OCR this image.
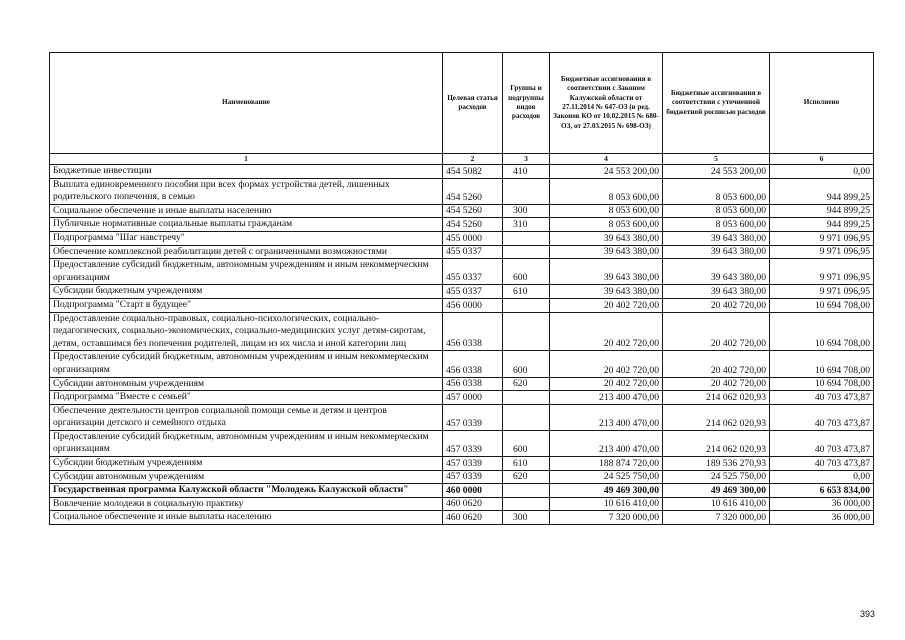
Наименование	Целевая статья расходов	Группы и подгруппы видов расходов	Бюджетные ассигнования в соответствии с Законом Калужской области от 27.11.2014 № 647-ОЗ (в ред. Законов КО от 10.02.2015 № 680-ОЗ, от 27.03.2015 № 698-ОЗ)	Бюджетные ассигнования в соответствии с уточненной бюджетной росписью расходов	Исполнено
1	2	3	4	5	6
Бюджетные инвестиции	454 5082	410	24 553 200,00	24 553 200,00	0,00
Выплата единовременного пособия при всех формах устройства детей, лишенных родительского попечения, в семью	454 5260		8 053 600,00	8 053 600,00	944 899,25
Социальное обеспечение и иные выплаты населению	454 5260	300	8 053 600,00	8 053 600,00	944 899,25
Публичные нормативные социальные выплаты гражданам	454 5260	310	8 053 600,00	8 053 600,00	944 899,25
Подпрограмма "Шаг навстречу"	455 0000		39 643 380,00	39 643 380,00	9 971 096,95
Обеспечение комплексной реабилитации детей с ограниченными возможностями	455 0337		39 643 380,00	39 643 380,00	9 971 096,95
Предоставление субсидий бюджетным, автономным учреждениям и иным некоммерческим организациям	455 0337	600	39 643 380,00	39 643 380,00	9 971 096,95
Субсидии бюджетным учреждениям	455 0337	610	39 643 380,00	39 643 380,00	9 971 096,95
Подпрограмма "Старт в будущее"	456 0000		20 402 720,00	20 402 720,00	10 694 708,00
Предоставление социально-правовых, социально-психологических, социально-педагогических, социально-экономических, социально-медицинских услуг детям-сиротам, детям, оставшимся без попечения родителей, лицам из их числа и иной категории лиц	456 0338		20 402 720,00	20 402 720,00	10 694 708,00
Предоставление субсидий бюджетным, автономным учреждениям и иным некоммерческим организациям	456 0338	600	20 402 720,00	20 402 720,00	10 694 708,00
Субсидии автономным учреждениям	456 0338	620	20 402 720,00	20 402 720,00	10 694 708,00
Подпрограмма "Вместе с семьей"	457 0000		213 400 470,00	214 062 020,93	40 703 473,87
Обеспечение деятельности центров социальной помощи семье и детям и центров организации детского и семейного отдыха	457 0339		213 400 470,00	214 062 020,93	40 703 473,87
Предоставление субсидий бюджетным, автономным учреждениям и иным некоммерческим организациям	457 0339	600	213 400 470,00	214 062 020,93	40 703 473,87
Субсидии бюджетным учреждениям	457 0339	610	188 874 720,00	189 536 270,93	40 703 473,87
Субсидии автономным учреждениям	457 0339	620	24 525 750,00	24 525 750,00	0,00
Государственная программа Калужской области "Молодежь Калужской области"	460 0000		49 469 300,00	49 469 300,00	6 653 834,00
Вовлечение молодежи в социальную практику	460 0620		10 616 410,00	10 616 410,00	36 000,00
Социальное обеспечение и иные выплаты населению	460 0620	300	7 320 000,00	7 320 000,00	36 000,00
393
